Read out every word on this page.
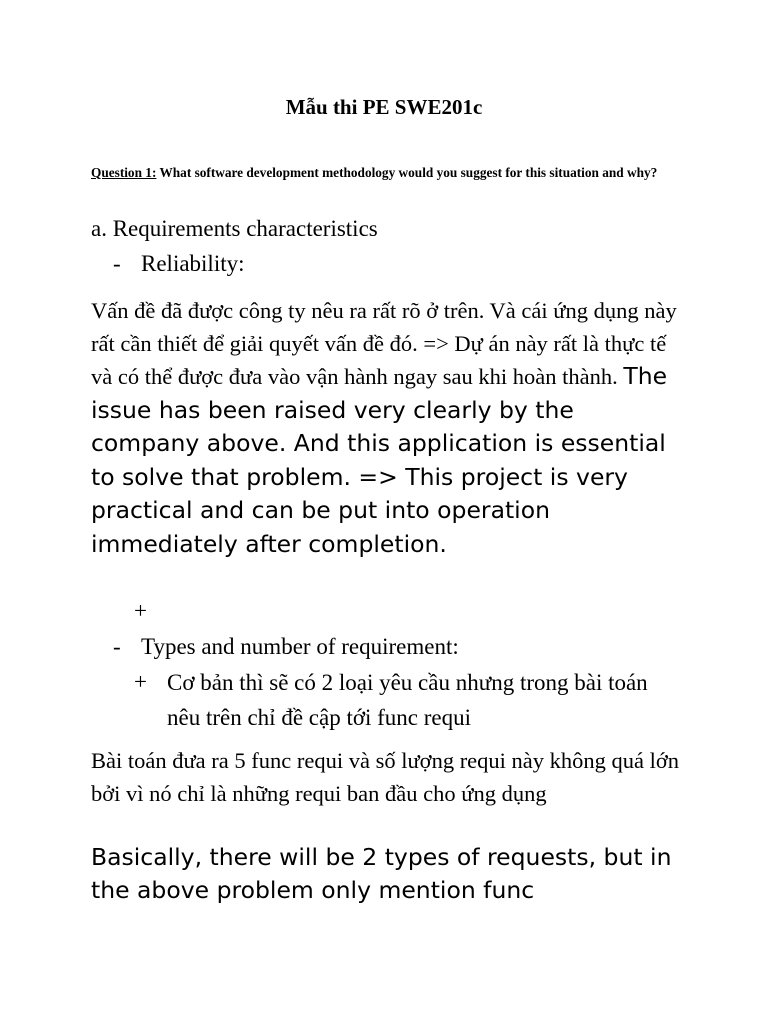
Mẫu thi PE SWE201c
Question 1: What software development methodology would you suggest for this situation and why?
a. Requirements characteristics
- Reliability:
Vấn đề đã được công ty nêu ra rất rõ ở trên. Và cái ứng dụng này rất cần thiết để giải quyết vấn đề đó. => Dự án này rất là thực tế và có thể được đưa vào vận hành ngay sau khi hoàn thành. The issue has been raised very clearly by the company above. And this application is essential to solve that problem. => This project is very practical and can be put into operation immediately after completion.
+
- Types and number of requirement:
+ Cơ bản thì sẽ có 2 loại yêu cầu nhưng trong bài toán nêu trên chỉ đề cập tới func requi
Bài toán đưa ra 5 func requi và số lượng requi này không quá lớn bởi vì nó chỉ là những requi ban đầu cho ứng dụng
Basically, there will be 2 types of requests, but in the above problem only mention func
